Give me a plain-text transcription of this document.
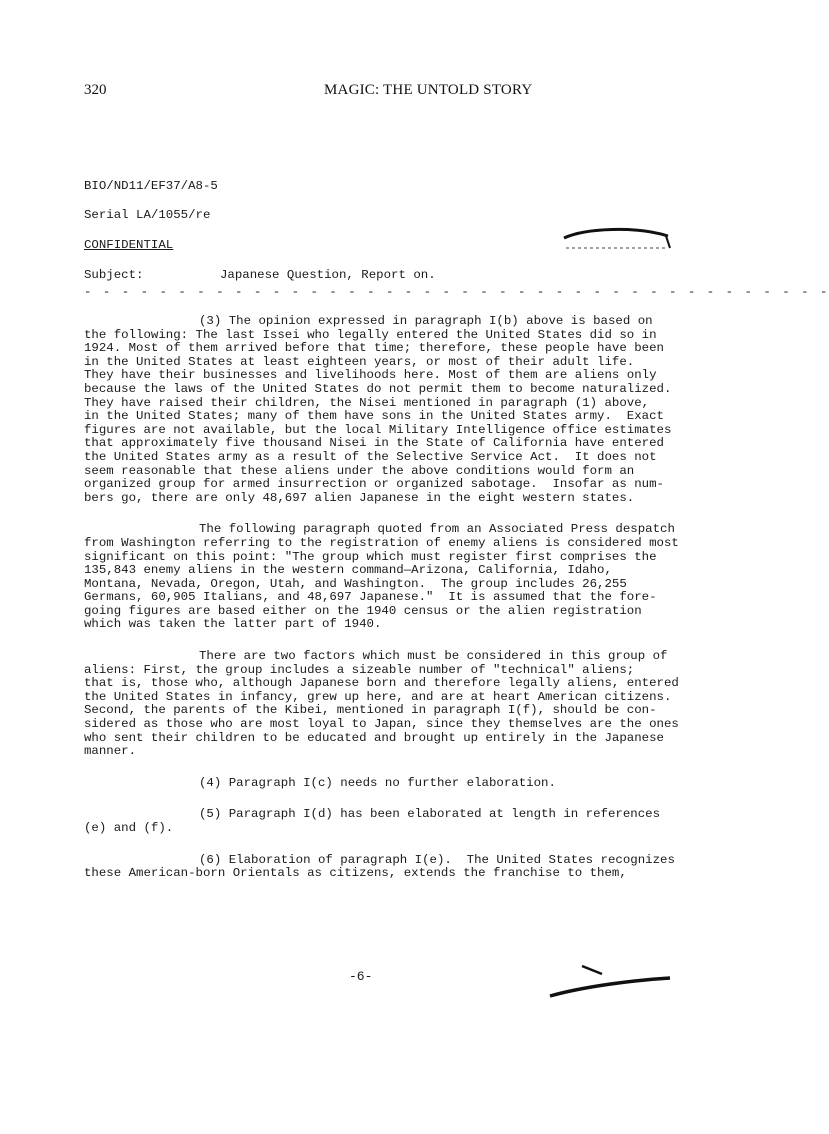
320	MAGIC: THE UNTOLD STORY
BIO/ND11/EF37/A8-5
Serial LA/1055/re
CONFIDENTIAL
Subject:	Japanese Question, Report on.
- - - - - - - - - - - - - - - - - - - - - - - - - - - - - - - - - - - - - - - -
(3) The opinion expressed in paragraph I(b) above is based on
the following: The last Issei who legally entered the United States did so in
1924. Most of them arrived before that time; therefore, these people have been
in the United States at least eighteen years, or most of their adult life.
They have their businesses and livelihoods here. Most of them are aliens only
because the laws of the United States do not permit them to become naturalized.
They have raised their children, the Nisei mentioned in paragraph (1) above,
in the United States; many of them have sons in the United States army.  Exact
figures are not available, but the local Military Intelligence office estimates
that approximately five thousand Nisei in the State of California have entered
the United States army as a result of the Selective Service Act.  It does not
seem reasonable that these aliens under the above conditions would form an
organized group for armed insurrection or organized sabotage.  Insofar as num-
bers go, there are only 48,697 alien Japanese in the eight western states.
The following paragraph quoted from an Associated Press despatch
from Washington referring to the registration of enemy aliens is considered most
significant on this point: "The group which must register first comprises the
135,843 enemy aliens in the western command—Arizona, California, Idaho,
Montana, Nevada, Oregon, Utah, and Washington.  The group includes 26,255
Germans, 60,905 Italians, and 48,697 Japanese."  It is assumed that the fore-
going figures are based either on the 1940 census or the alien registration
which was taken the latter part of 1940.
There are two factors which must be considered in this group of
aliens: First, the group includes a sizeable number of "technical" aliens;
that is, those who, although Japanese born and therefore legally aliens, entered
the United States in infancy, grew up here, and are at heart American citizens.
Second, the parents of the Kibei, mentioned in paragraph I(f), should be con-
sidered as those who are most loyal to Japan, since they themselves are the ones
who sent their children to be educated and brought up entirely in the Japanese
manner.
(4) Paragraph I(c) needs no further elaboration.
(5) Paragraph I(d) has been elaborated at length in references
(e) and (f).
(6) Elaboration of paragraph I(e).  The United States recognizes
these American-born Orientals as citizens, extends the franchise to them,
-6-
